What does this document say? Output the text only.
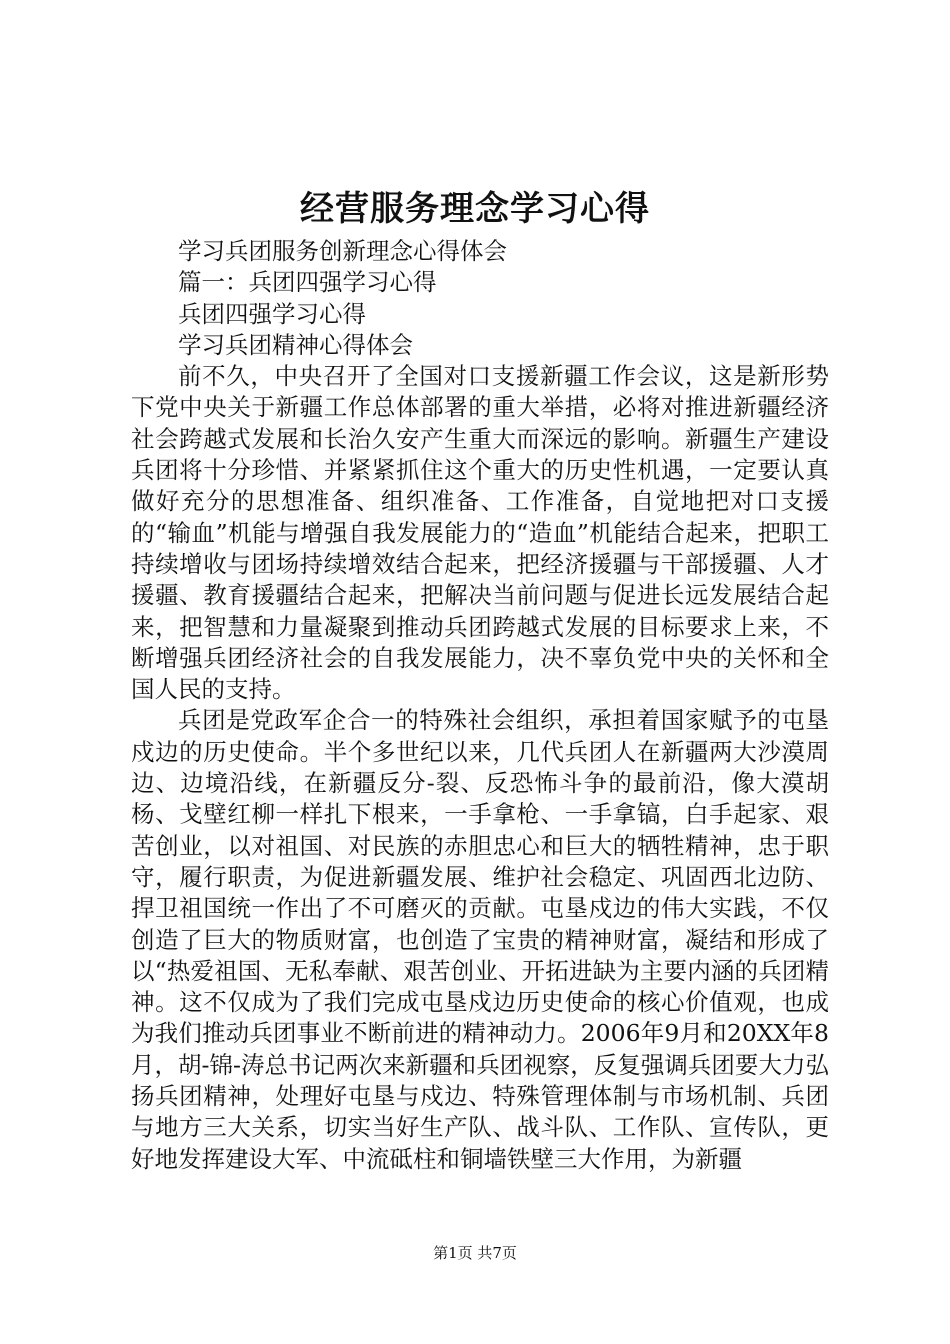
经营服务理念学习心得

学习兵团服务创新理念心得体会

篇一：兵团四强学习心得

兵团四强学习心得

学习兵团精神心得体会

前不久，中央召开了全国对口支援新疆工作会议，这是新形势下党中央关于新疆工作总体部署的重大举措，必将对推进新疆经济社会跨越式发展和长治久安产生重大而深远的影响。新疆生产建设兵团将十分珍惜、并紧紧抓住这个重大的历史性机遇，一定要认真做好充分的思想准备、组织准备、工作准备，自觉地把对口支援的“输血”机能与增强自我发展能力的“造血”机能结合起来，把职工持续增收与团场持续增效结合起来，把经济援疆与干部援疆、人才援疆、教育援疆结合起来，把解决当前问题与促进长远发展结合起来，把智慧和力量凝聚到推动兵团跨越式发展的目标要求上来，不断增强兵团经济社会的自我发展能力，决不辜负党中央的关怀和全国人民的支持。

兵团是党政军企合一的特殊社会组织，承担着国家赋予的屯垦戍边的历史使命。半个多世纪以来，几代兵团人在新疆两大沙漠周边、边境沿线，在新疆反分-裂、反恐怖斗争的最前沿，像大漠胡杨、戈壁红柳一样扎下根来，一手拿枪、一手拿镐，白手起家、艰苦创业，以对祖国、对民族的赤胆忠心和巨大的牺牲精神，忠于职守，履行职责，为促进新疆发展、维护社会稳定、巩固西北边防、捍卫祖国统一作出了不可磨灭的贡献。屯垦戍边的伟大实践，不仅创造了巨大的物质财富，也创造了宝贵的精神财富，凝结和形成了以“热爱祖国、无私奉献、艰苦创业、开拓进缺为主要内涵的兵团精神。这不仅成为了我们完成屯垦戍边历史使命的核心价值观，也成为我们推动兵团事业不断前进的精神动力。2006年9月和20XX年8月，胡-锦-涛总书记两次来新疆和兵团视察，反复强调兵团要大力弘扬兵团精神，处理好屯垦与戍边、特殊管理体制与市场机制、兵团与地方三大关系，切实当好生产队、战斗队、工作队、宣传队，更好地发挥建设大军、中流砥柱和铜墙铁壁三大作用，为新疆

第1页 共7页
